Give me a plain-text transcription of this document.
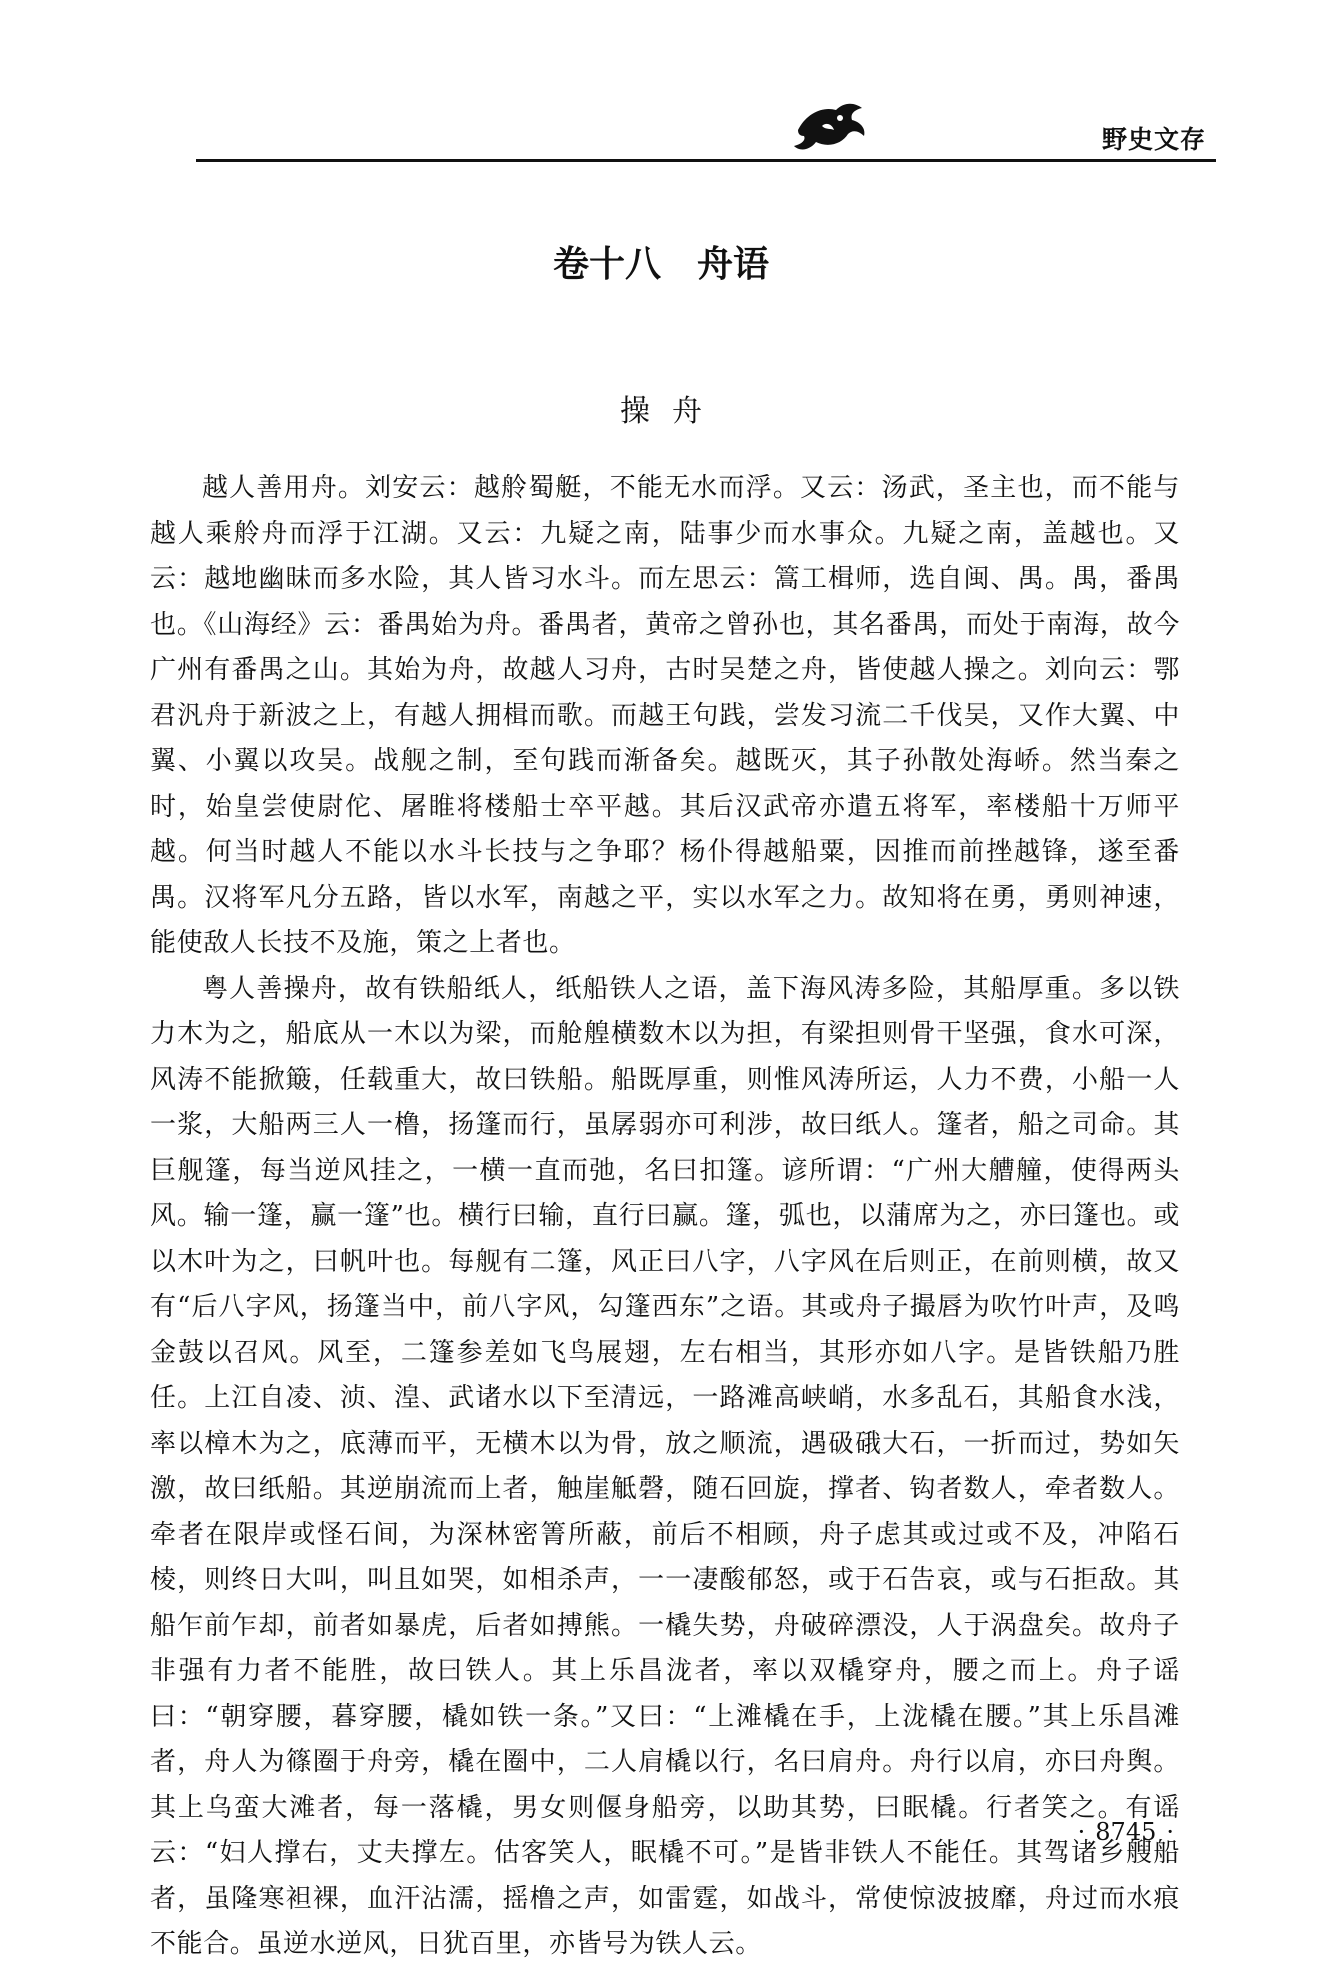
野史文存
卷十八　舟语
操舟

越人善用舟。刘安云：越舲蜀艇，不能无水而浮。又云：汤武，圣主也，而不能与越人乘舲舟而浮于江湖。又云：九疑之南，陆事少而水事众。九疑之南，盖越也。又云：越地幽昧而多水险，其人皆习水斗。而左思云：篙工楫师，选自闽、禺。禺，番禺也。《山海经》云：番禺始为舟。番禺者，黄帝之曾孙也，其名番禺，而处于南海，故今广州有番禺之山。其始为舟，故越人习舟，古时吴楚之舟，皆使越人操之。刘向云：鄂君汎舟于新波之上，有越人拥楫而歌。而越王句践，尝发习流二千伐吴，又作大翼、中翼、小翼以攻吴。战舰之制，至句践而渐备矣。越既灭，其子孙散处海峤。然当秦之时，始皇尝使尉佗、屠睢将楼船士卒平越。其后汉武帝亦遣五将军，率楼船十万师平越。何当时越人不能以水斗长技与之争耶？杨仆得越船粟，因推而前挫越锋，遂至番禺。汉将军凡分五路，皆以水军，南越之平，实以水军之力。故知将在勇，勇则神速，能使敌人长技不及施，策之上者也。

粤人善操舟，故有铁船纸人，纸船铁人之语，盖下海风涛多险，其船厚重。多以铁力木为之，船底从一木以为梁，而舱艎横数木以为担，有梁担则骨干坚强，食水可深，风涛不能掀簸，任载重大，故曰铁船。船既厚重，则惟风涛所运，人力不费，小船一人一浆，大船两三人一橹，扬篷而行，虽孱弱亦可利涉，故曰纸人。篷者，船之司命。其巨舰篷，每当逆风挂之，一横一直而弛，名曰扣篷。谚所谓：“广州大艚艟，使得两头风。输一篷，赢一篷”也。横行曰输，直行曰赢。篷，弧也，以蒲席为之，亦曰篷也。或以木叶为之，曰帆叶也。每舰有二篷，风正曰八字，八字风在后则正，在前则横，故又有“后八字风，扬篷当中，前八字风，勾篷西东”之语。其或舟子撮唇为吹竹叶声，及鸣金鼓以召风。风至，二篷参差如飞鸟展翅，左右相当，其形亦如八字。是皆铁船乃胜任。上江自凌、浈、湟、武诸水以下至清远，一路滩高峡峭，水多乱石，其船食水浅，率以樟木为之，底薄而平，无横木以为骨，放之顺流，遇砐硪大石，一折而过，势如矢激，故曰纸船。其逆崩流而上者，触崖觝磬，随石回旋，撑者、钩者数人，牵者数人。牵者在限岸或怪石间，为深林密箐所蔽，前后不相顾，舟子虑其或过或不及，冲陷石棱，则终日大叫，叫且如哭，如相杀声，一一凄酸郁怒，或于石告哀，或与石拒敌。其船乍前乍却，前者如暴虎，后者如搏熊。一橇失势，舟破碎漂没，人于涡盘矣。故舟子非强有力者不能胜，故曰铁人。其上乐昌泷者，率以双橇穿舟，腰之而上。舟子谣曰：“朝穿腰，暮穿腰，橇如铁一条。”又曰：“上滩橇在手，上泷橇在腰。”其上乐昌滩者，舟人为篠圈于舟旁，橇在圈中，二人肩橇以行，名曰肩舟。舟行以肩，亦曰舟舆。其上乌蛮大滩者，每一落橇，男女则偃身船旁，以助其势，曰眠橇。行者笑之。有谣云：“妇人撑右，丈夫撑左。估客笑人，眠橇不可。”是皆非铁人不能任。其驾诸乡艘船者，虽隆寒袒裸，血汗沾濡，摇橹之声，如雷霆，如战斗，常使惊波披靡，舟过而水痕不能合。虽逆水逆风，日犹百里，亦皆号为铁人云。

· 8745 ·
